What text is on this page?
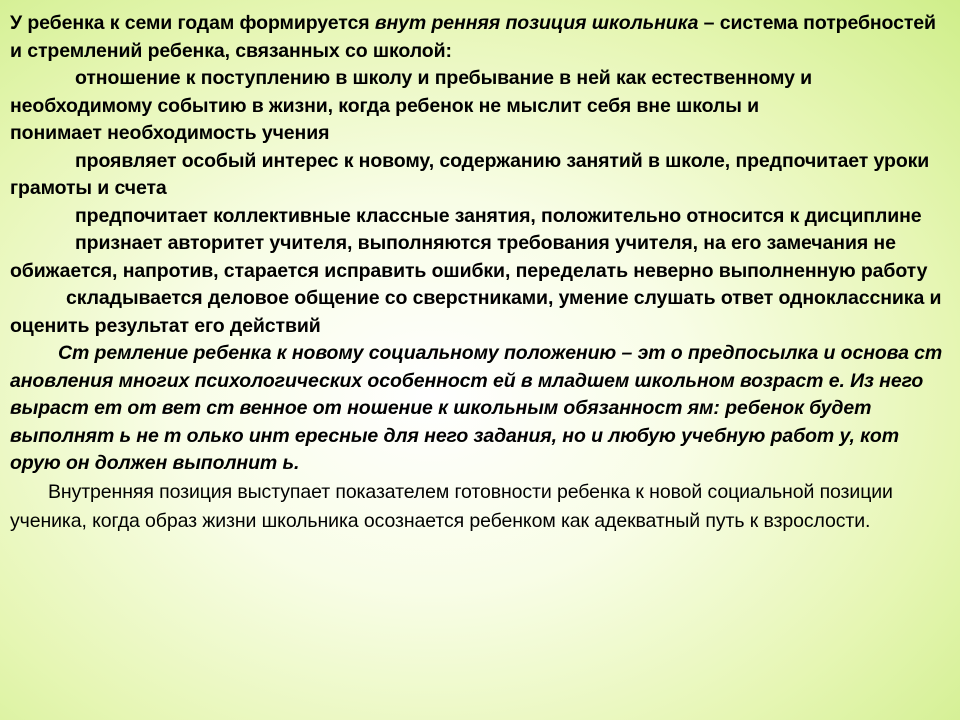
У ребенка к семи годам формируется внут ренняя позиция школьника – система потребностей и стремлений ребенка, связанных со школой:

отношение к поступлению в школу и пребывание в ней как естественному и необходимому событию в жизни, когда ребенок не мыслит себя вне школы и

понимает необходимость учения

проявляет особый интерес к новому, содержанию занятий в школе, предпочитает уроки грамоты и счета

предпочитает коллективные классные занятия, положительно относится к дисциплине

признает авторитет учителя, выполняются требования учителя, на его замечания не обижается, напротив, старается исправить ошибки, переделать неверно выполненную работу

складывается деловое общение со сверстниками, умение слушать ответ одноклассника и оценить результат его действий

Ст ремление ребенка к новому социальному положению – эт о предпосылка и основа ст ановления многих психологических особенност ей в младшем школьном возраст е. Из него выраст ет от вет ст венное от ношение к школьным обязанност ям: ребенок будет выполнят ь не т олько инт ересные для него задания, но и любую учебную работ у, кот орую он должен выполнит ь.

Внутренняя позиция выступает показателем готовности ребенка к новой социальной позиции ученика, когда образ жизни школьника осознается ребенком как адекватный путь к взрослости.
